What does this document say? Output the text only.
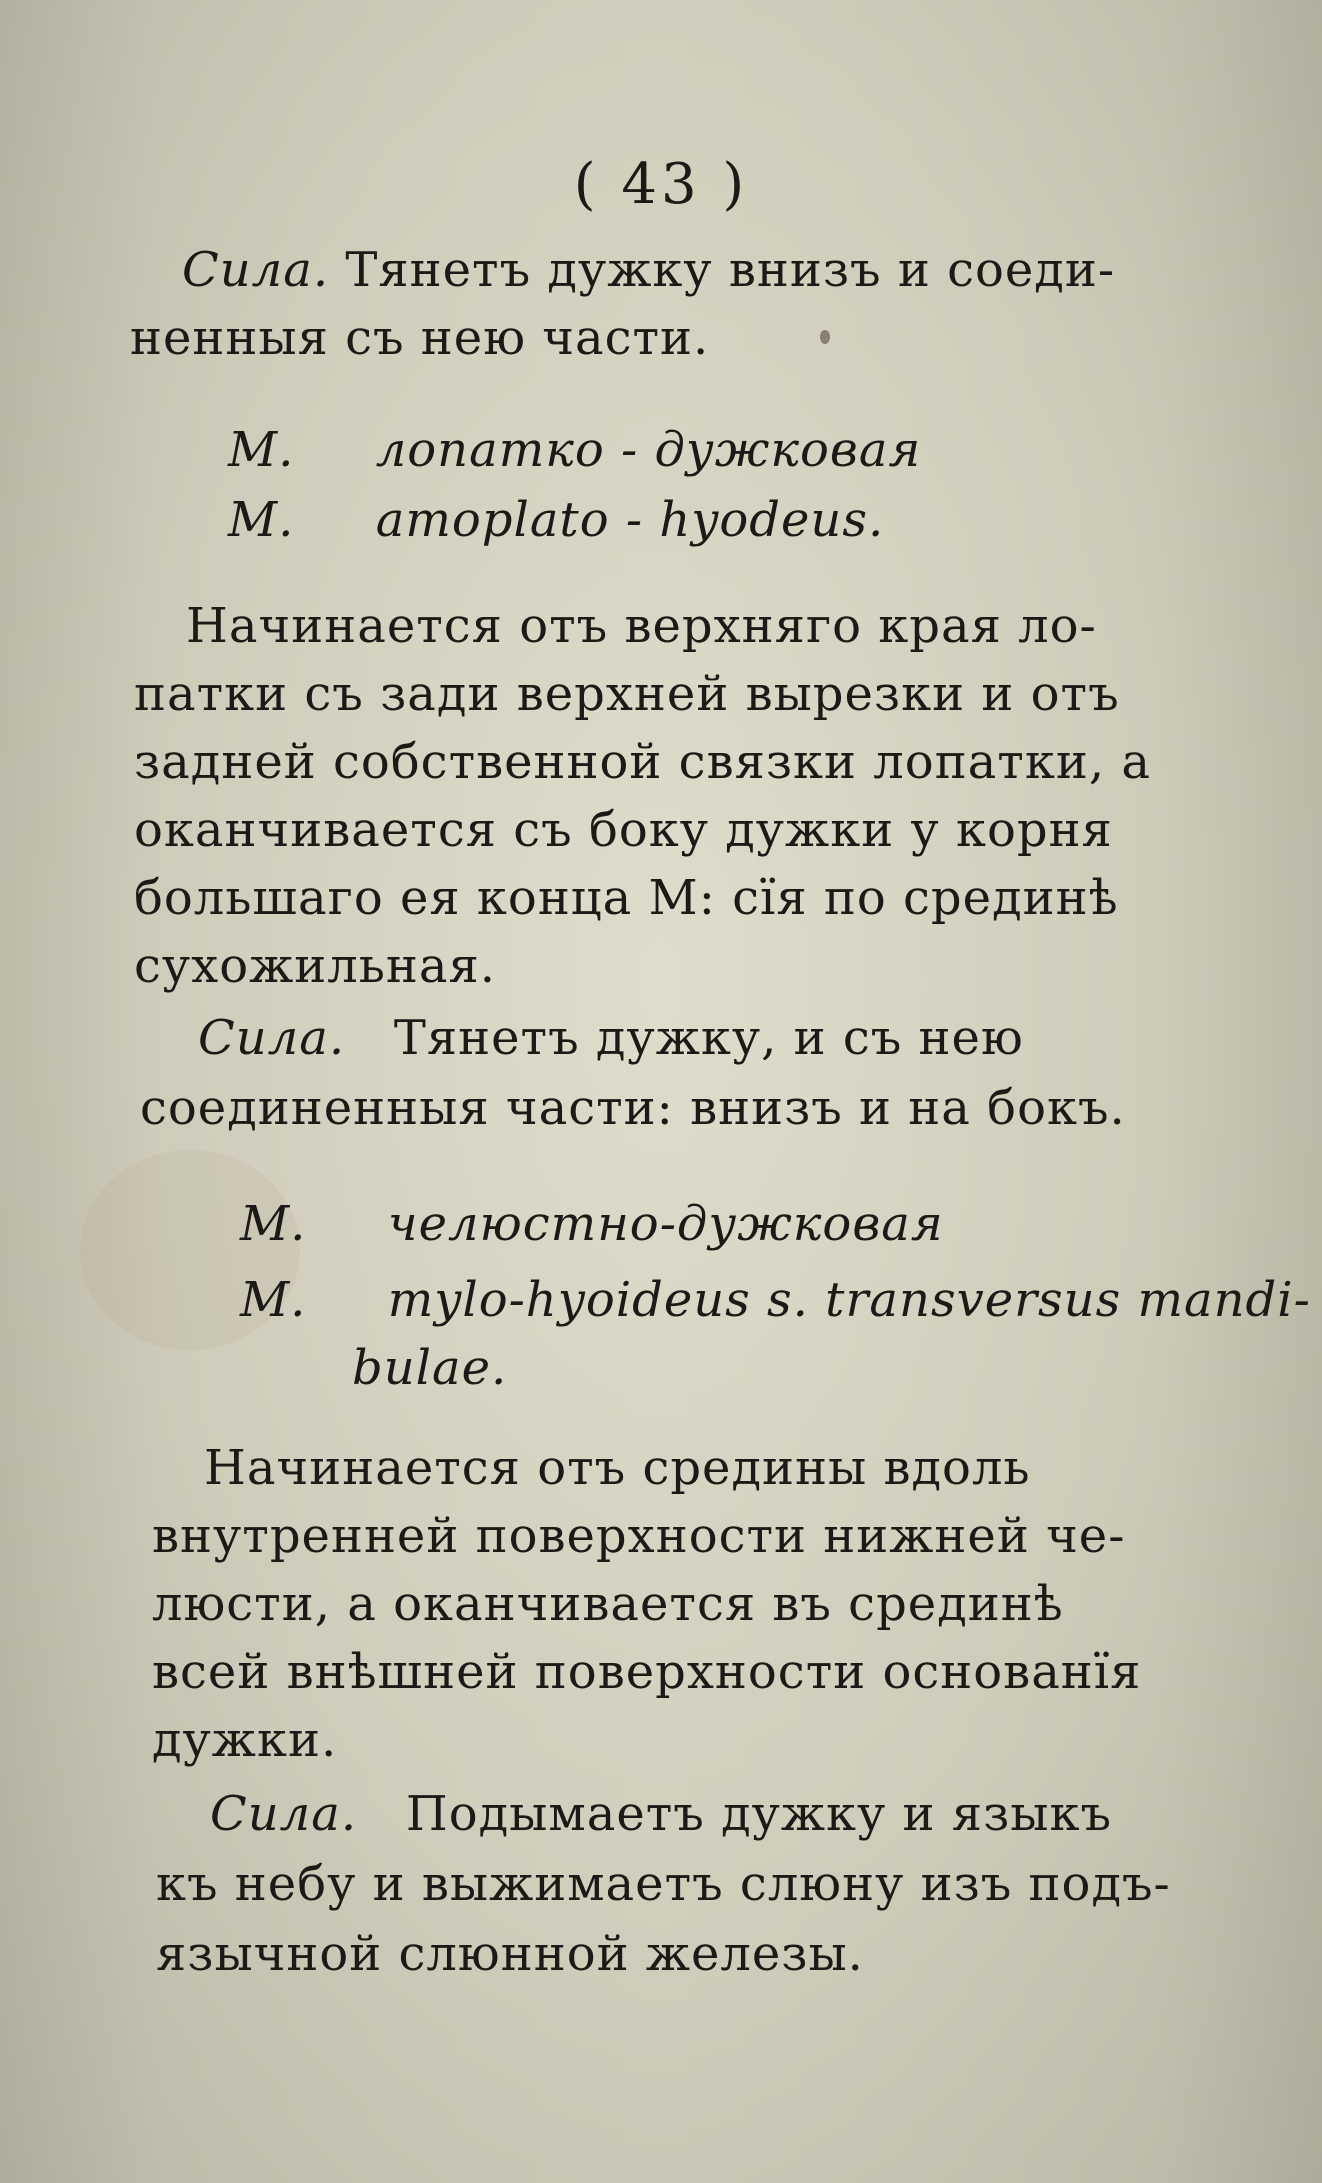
( 43 )
Сила. Тянетъ дужку внизъ и соеди-
ненныя съ нею части.
М. лопатко - дужковая
М. amoplato - hyodeus.
Начинается отъ верхняго края ло-
патки съ зади верхней вырезки и отъ
задней собственной связки лопатки, а
оканчивается съ боку дужки у корня
большаго ея конца М: сїя по срединѣ
сухожильная.
Сила. Тянетъ дужку, и съ нею
соединенныя части: внизъ и на бокъ.
М. челюстно-дужковая
М. mylo-hyoideus s. transversus mandi-
bulae.
Начинается отъ средины вдоль
внутренней поверхности нижней че-
люсти, а оканчивается въ срединѣ
всей внѣшней поверхности основанїя
дужки.
Сила. Подымаетъ дужку и языкъ
къ небу и выжимаетъ слюну изъ подъ-
язычной слюнной железы.
